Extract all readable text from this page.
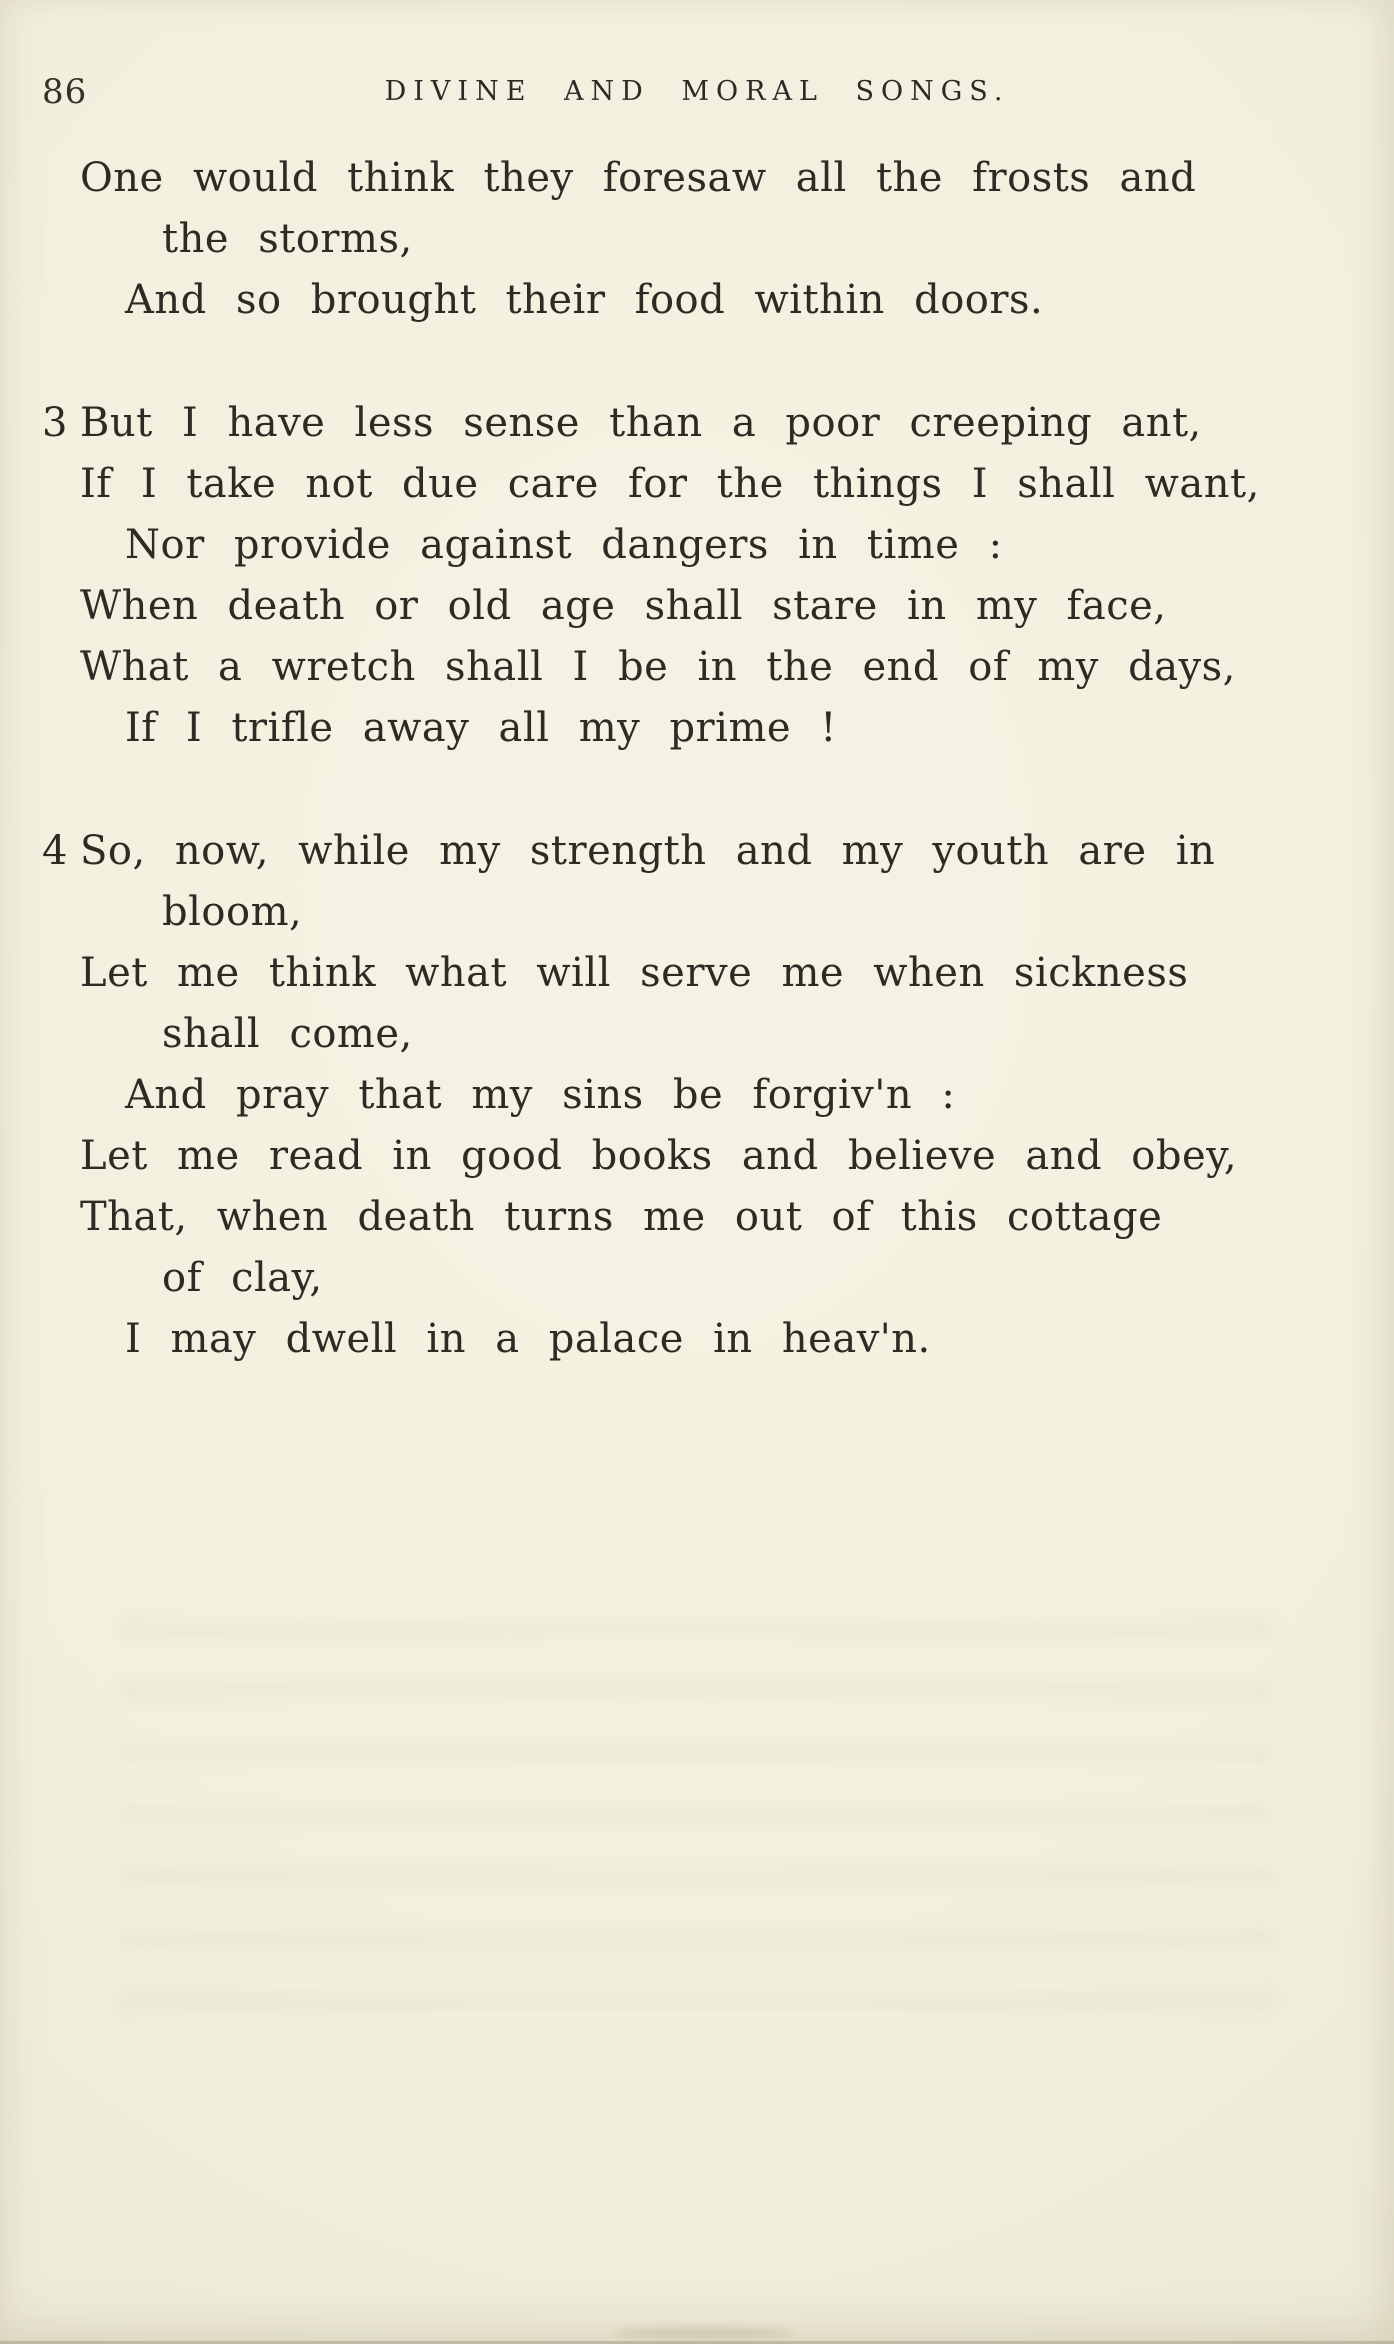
86	DIVINE AND MORAL SONGS.

One would think they foresaw all the frosts and

the storms,

And so brought their food within doors.

3 But I have less sense than a poor creeping ant,

If I take not due care for the things I shall want,

Nor provide against dangers in time :

When death or old age shall stare in my face,

What a wretch shall I be in the end of my days,

If I trifle away all my prime !

4 So, now, while my strength and my youth are in

bloom,

Let me think what will serve me when sickness

shall come,

And pray that my sins be forgiv'n :

Let me read in good books and believe and obey,

That, when death turns me out of this cottage

of clay,

I may dwell in a palace in heav'n.
